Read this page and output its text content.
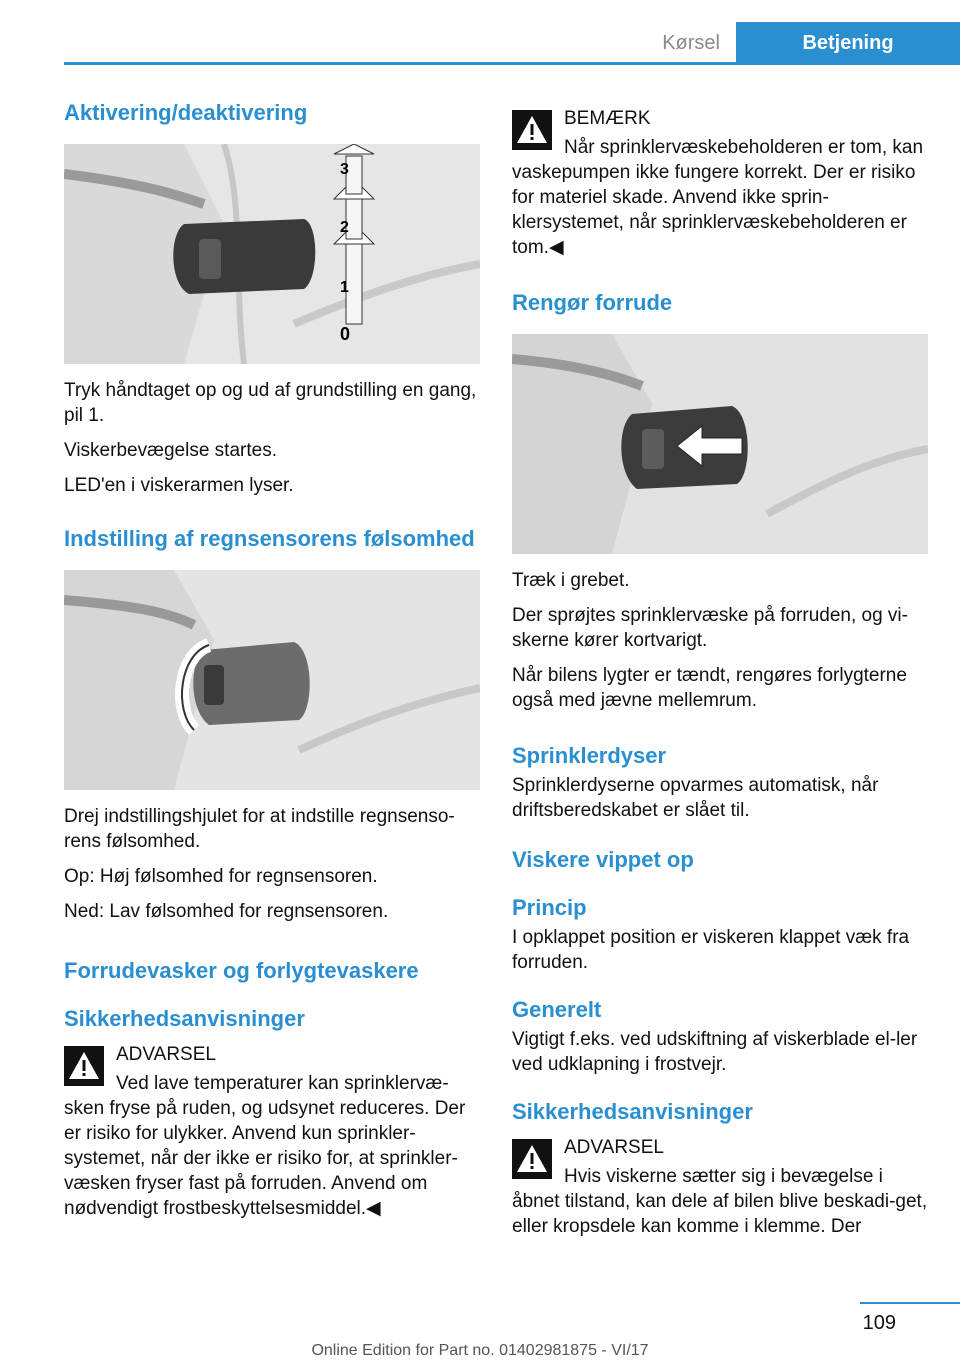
Kørsel	Betjening
Aktivering/deaktivering
3
2
1
0

Tryk håndtaget op og ud af grundstilling en gang, pil 1.

Viskerbevægelse startes.

LED'en i viskerarmen lyser.

Indstilling af regnsensorens følsomhed

Drej indstillingshjulet for at indstille regnsenso‐rens følsomhed.

Op: Høj følsomhed for regnsensoren.

Ned: Lav følsomhed for regnsensoren.

Forrudevasker og forlygtevaskere
Sikkerhedsanvisninger
ADVARSEL

Ved lave temperaturer kan sprinklervæ‐sken fryse på ruden, og udsynet reduceres. Der er risiko for ulykker. Anvend kun sprinkler‐systemet, når der ikke er risiko for, at sprinkler‐væsken fryser fast på forruden. Anvend om nødvendigt frostbeskyttelsesmiddel.◀

BEMÆRK

Når sprinklervæskebeholderen er tom, kan vaskepumpen ikke fungere korrekt. Der er risiko for materiel skade. Anvend ikke sprin‐klersystemet, når sprinklervæskebeholderen er tom.◀

Rengør forrude

Træk i grebet.

Der sprøjtes sprinklervæske på forruden, og vi‐skerne kører kortvarigt.

Når bilens lygter er tændt, rengøres forlygterne også med jævne mellemrum.

Sprinklerdyser

Sprinklerdyserne opvarmes automatisk, når driftsberedskabet er slået til.

Viskere vippet op
Princip

I opklappet position er viskeren klappet væk fra forruden.

Generelt

Vigtigt f.eks. ved udskiftning af viskerblade el‐ler ved udklapning i frostvejr.

Sikkerhedsanvisninger
ADVARSEL

Hvis viskerne sætter sig i bevægelse i åbnet tilstand, kan dele af bilen blive beskadi‐get, eller kropsdele kan komme i klemme. Der

109
Online Edition for Part no. 01402981875 - VI/17
